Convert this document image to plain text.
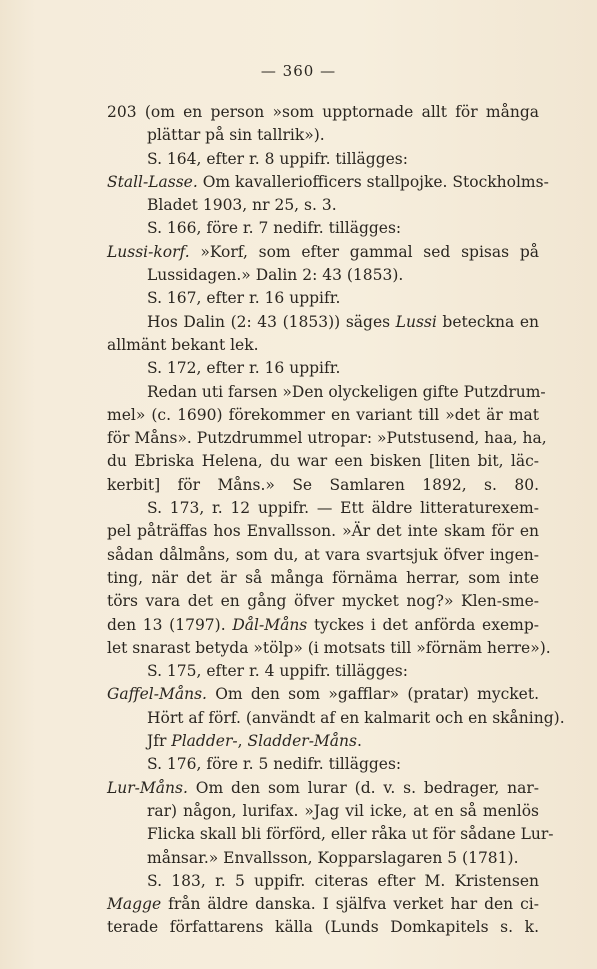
— 360 —
203 (om en person »som upptornade allt för många
plättar på sin tallrik»).
S. 164, efter r. 8 uppifr. tillägges:
Stall-Lasse. Om kavalleriofficers stallpojke. Stockholms-
Bladet 1903, nr 25, s. 3.
S. 166, före r. 7 nedifr. tillägges:
Lussi-korf. »Korf, som efter gammal sed spisas på
Lussidagen.» Dalin 2: 43 (1853).
S. 167, efter r. 16 uppifr.
Hos Dalin (2: 43 (1853)) säges Lussi beteckna en
allmänt bekant lek.
S. 172, efter r. 16 uppifr.
Redan uti farsen »Den olyckeligen gifte Putzdrum-
mel» (c. 1690) förekommer en variant till »det är mat
för Måns». Putzdrummel utropar: »Putstusend, haa, ha,
du Ebriska Helena, du war een bisken [liten bit, läc-
kerbit] för Måns.» Se Samlaren 1892, s. 80.
S. 173, r. 12 uppifr. — Ett äldre litteraturexem-
pel påträffas hos Envallsson. »Är det inte skam för en
sådan dålmåns, som du, at vara svartsjuk öfver ingen-
ting, när det är så många förnäma herrar, som inte
törs vara det en gång öfver mycket nog?» Klen-sme-
den 13 (1797). Dål-Måns tyckes i det anförda exemp-
let snarast betyda »tölp» (i motsats till »förnäm herre»).
S. 175, efter r. 4 uppifr. tillägges:
Gaffel-Måns. Om den som »gafflar» (pratar) mycket.
Hört af förf. (användt af en kalmarit och en skåning).
Jfr Pladder-, Sladder-Måns.
S. 176, före r. 5 nedifr. tillägges:
Lur-Måns. Om den som lurar (d. v. s. bedrager, nar-
rar) någon, lurifax. »Jag vil icke, at en så menlös
Flicka skall bli förförd, eller råka ut för sådane Lur-
månsar.» Envallsson, Kopparslagaren 5 (1781).
S. 183, r. 5 uppifr. citeras efter M. Kristensen
Magge från äldre danska. I själfva verket har den ci-
terade författarens källa (Lunds Domkapitels s. k.
